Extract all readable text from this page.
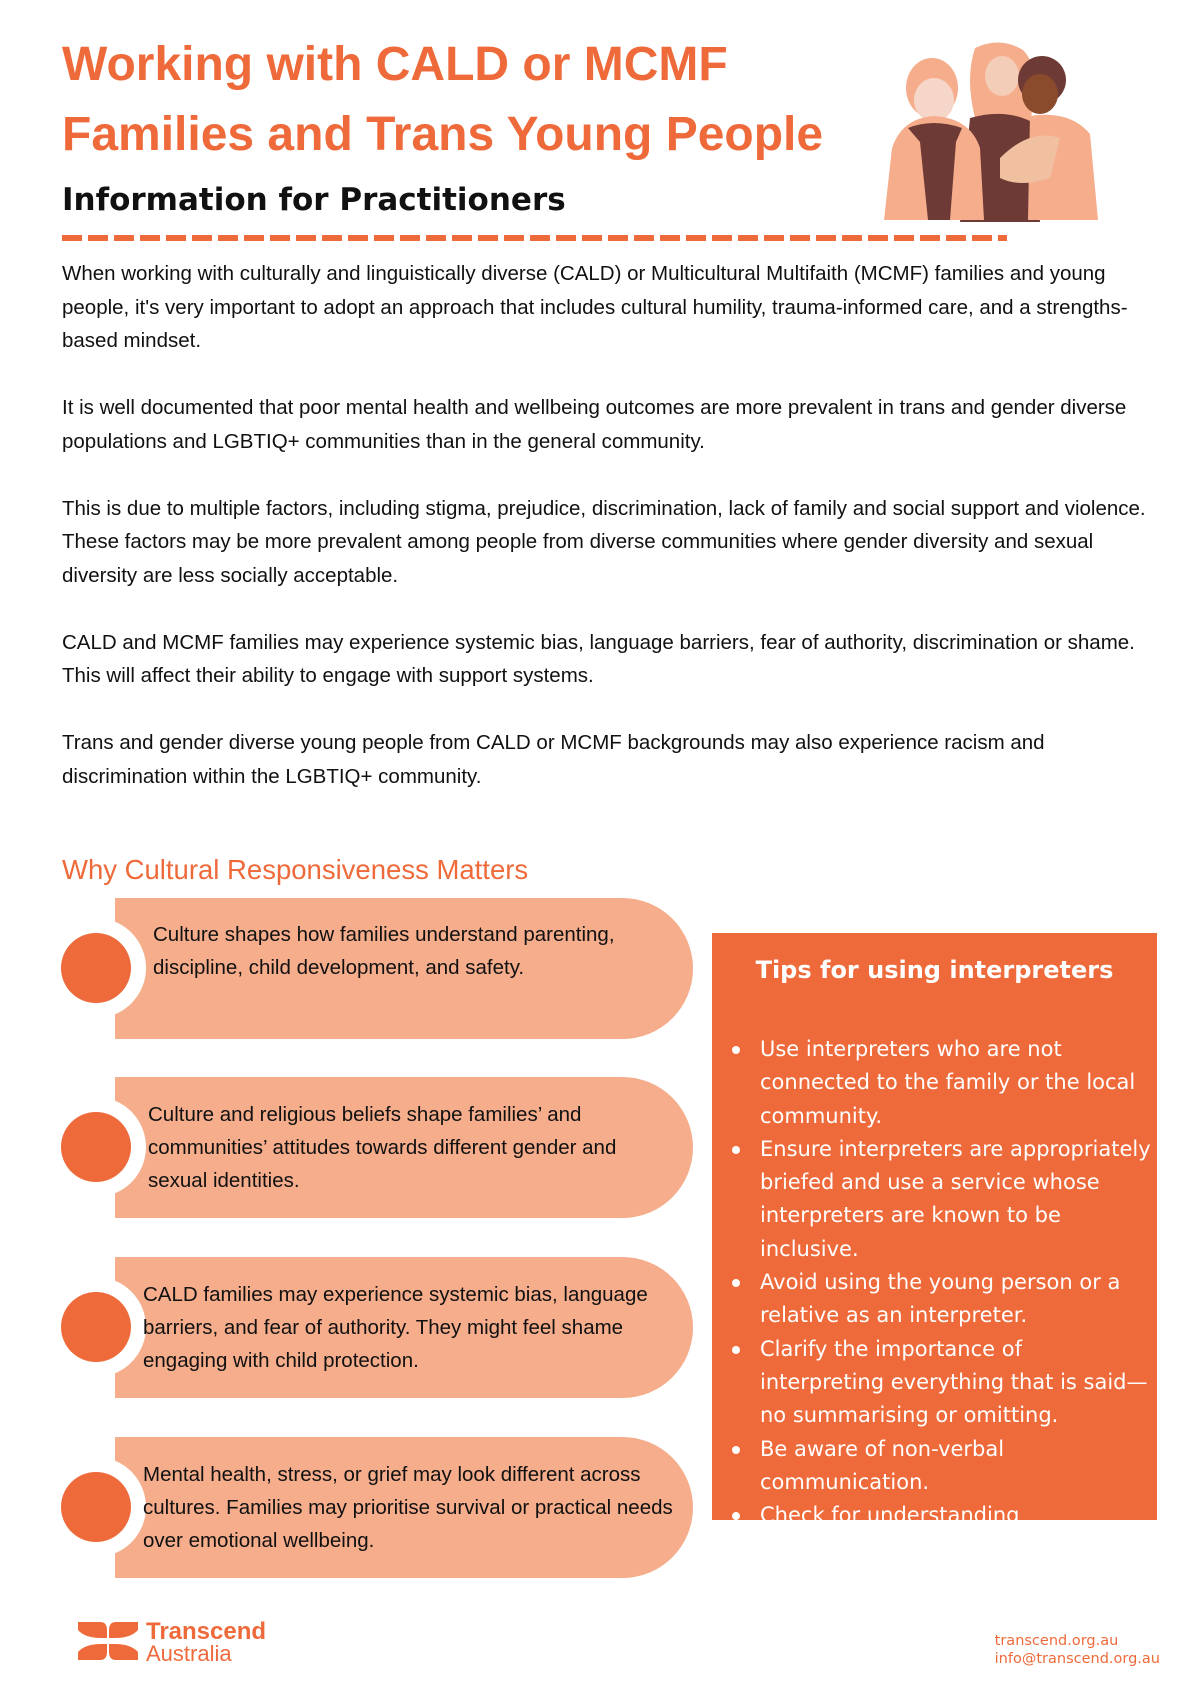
Working with CALD or MCMF
Families and Trans Young People
Information for Practitioners

When working with culturally and linguistically diverse (CALD) or Multicultural Multifaith (MCMF) families and young people, it's very important to adopt an approach that includes cultural humility, trauma-informed care, and a strengths-based mindset.

It is well documented that poor mental health and wellbeing outcomes are more prevalent in trans and gender diverse populations and LGBTIQ+ communities than in the general community.

This is due to multiple factors, including stigma, prejudice, discrimination, lack of family and social support and violence. These factors may be more prevalent among people from diverse communities where gender diversity and sexual diversity are less socially acceptable.

CALD and MCMF families may experience systemic bias, language barriers, fear of authority, discrimination or shame. This will affect their ability to engage with support systems.

Trans and gender diverse young people from CALD or MCMF backgrounds may also experience racism and discrimination within the LGBTIQ+ community.

Why Cultural Responsiveness Matters
Culture shapes how families understand parenting, discipline, child development, and safety.
Culture and religious beliefs shape families’ and communities’ attitudes towards different gender and sexual identities.
CALD families may experience systemic bias, language barriers, and fear of authority. They might feel shame engaging with child protection.
Mental health, stress, or grief may look different across cultures. Families may prioritise survival or practical needs over emotional wellbeing.
Tips for using interpreters
Use interpreters who are not connected to the family or the local community.
Ensure interpreters are appropriately briefed and use a service whose interpreters are known to be inclusive.
Avoid using the young person or a relative as an interpreter.
Clarify the importance of interpreting everything that is said—no summarising or omitting.
Be aware of non-verbal communication.
Check for understanding
Transcend
Australia	transcend.org.au
info@transcend.org.au
